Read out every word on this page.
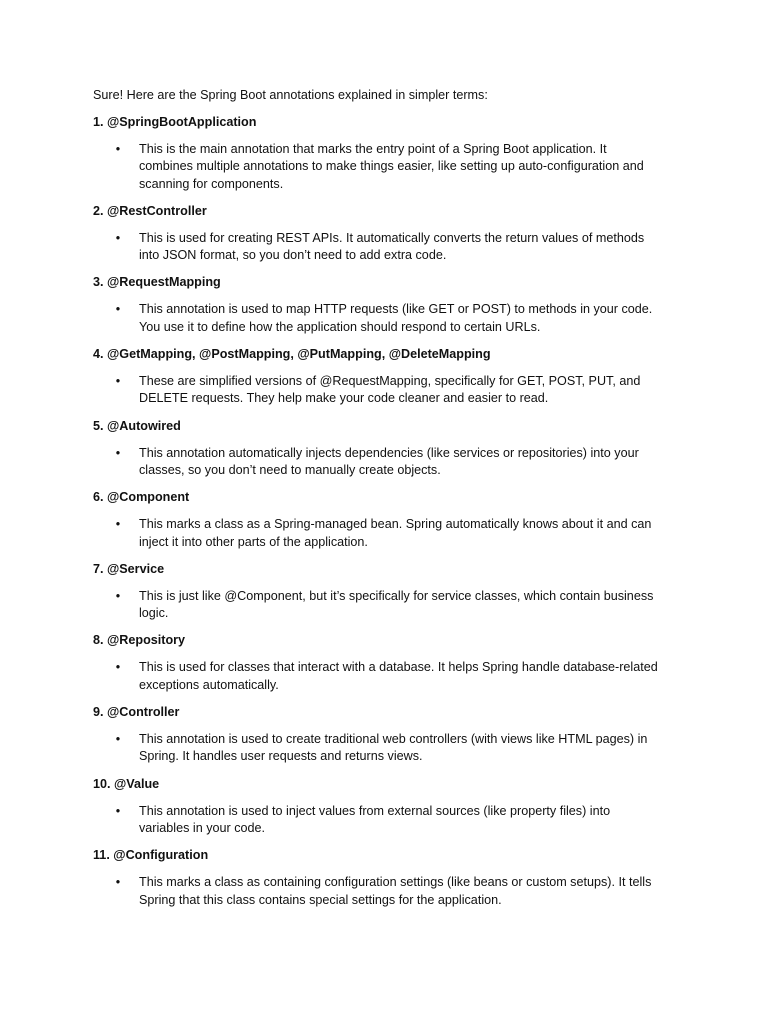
Sure! Here are the Spring Boot annotations explained in simpler terms:

1. @SpringBootApplication
• This is the main annotation that marks the entry point of a Spring Boot application. It
combines multiple annotations to make things easier, like setting up auto-configuration and
scanning for components.
2. @RestController
• This is used for creating REST APIs. It automatically converts the return values of methods
into JSON format, so you don’t need to add extra code.
3. @RequestMapping
• This annotation is used to map HTTP requests (like GET or POST) to methods in your code.
You use it to define how the application should respond to certain URLs.
4. @GetMapping, @PostMapping, @PutMapping, @DeleteMapping
• These are simplified versions of @RequestMapping, specifically for GET, POST, PUT, and
DELETE requests. They help make your code cleaner and easier to read.
5. @Autowired
• This annotation automatically injects dependencies (like services or repositories) into your
classes, so you don’t need to manually create objects.
6. @Component
• This marks a class as a Spring-managed bean. Spring automatically knows about it and can
inject it into other parts of the application.
7. @Service
• This is just like @Component, but it’s specifically for service classes, which contain business
logic.
8. @Repository
• This is used for classes that interact with a database. It helps Spring handle database-related
exceptions automatically.
9. @Controller
• This annotation is used to create traditional web controllers (with views like HTML pages) in
Spring. It handles user requests and returns views.
10. @Value
• This annotation is used to inject values from external sources (like property files) into
variables in your code.
11. @Configuration
• This marks a class as containing configuration settings (like beans or custom setups). It tells
Spring that this class contains special settings for the application.
